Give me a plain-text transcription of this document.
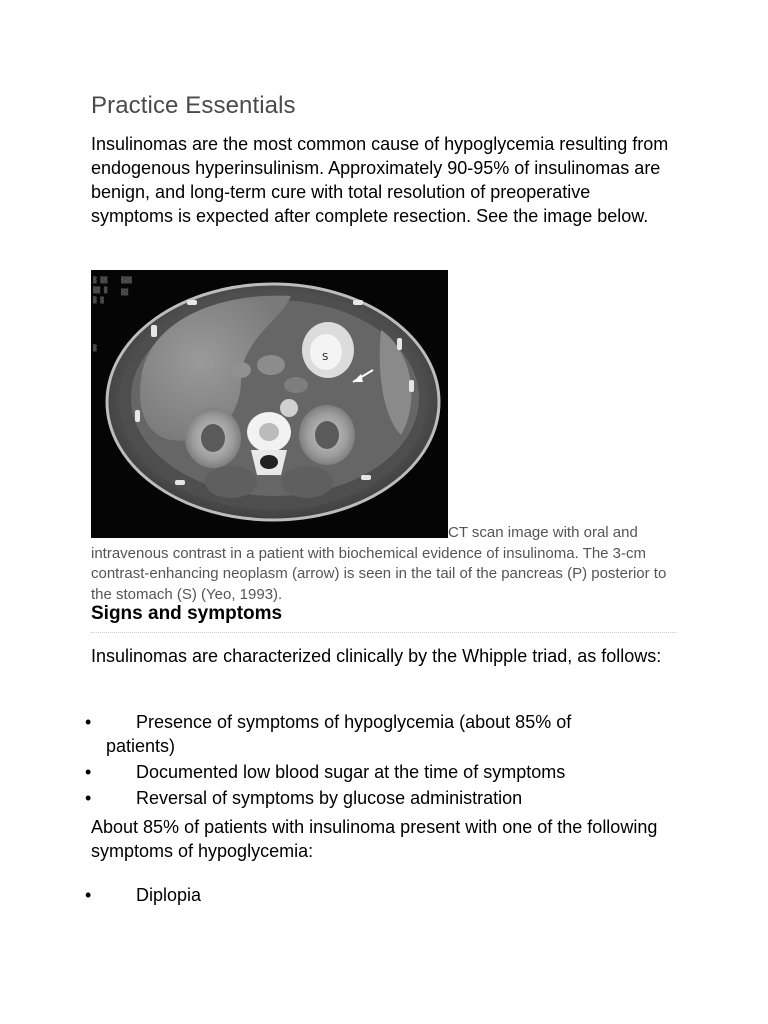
Practice Essentials

Insulinomas are the most common cause of hypoglycemia resulting from endogenous hyperinsulinism. Approximately 90-95% of insulinomas are benign, and long-term cure with total resolution of preoperative symptoms is expected after complete resection. See the image below.

▒ ▒▒
▒▒ ▒
▒ ▒
▒
▒▒▒
▒▒
S

CT scan image with oral and intravenous contrast in a patient with biochemical evidence of insulinoma. The 3-cm contrast-enhancing neoplasm (arrow) is seen in the tail of the pancreas (P) posterior to the stomach (S) (Yeo, 1993).

Signs and symptoms

Insulinomas are characterized clinically by the Whipple triad, as follows:

• Presence of symptoms of hypoglycemia (about 85% of
patients)
• Documented low blood sugar at the time of symptoms
• Reversal of symptoms by glucose administration

About 85% of patients with insulinoma present with one of the following symptoms of hypoglycemia:

• Diplopia
